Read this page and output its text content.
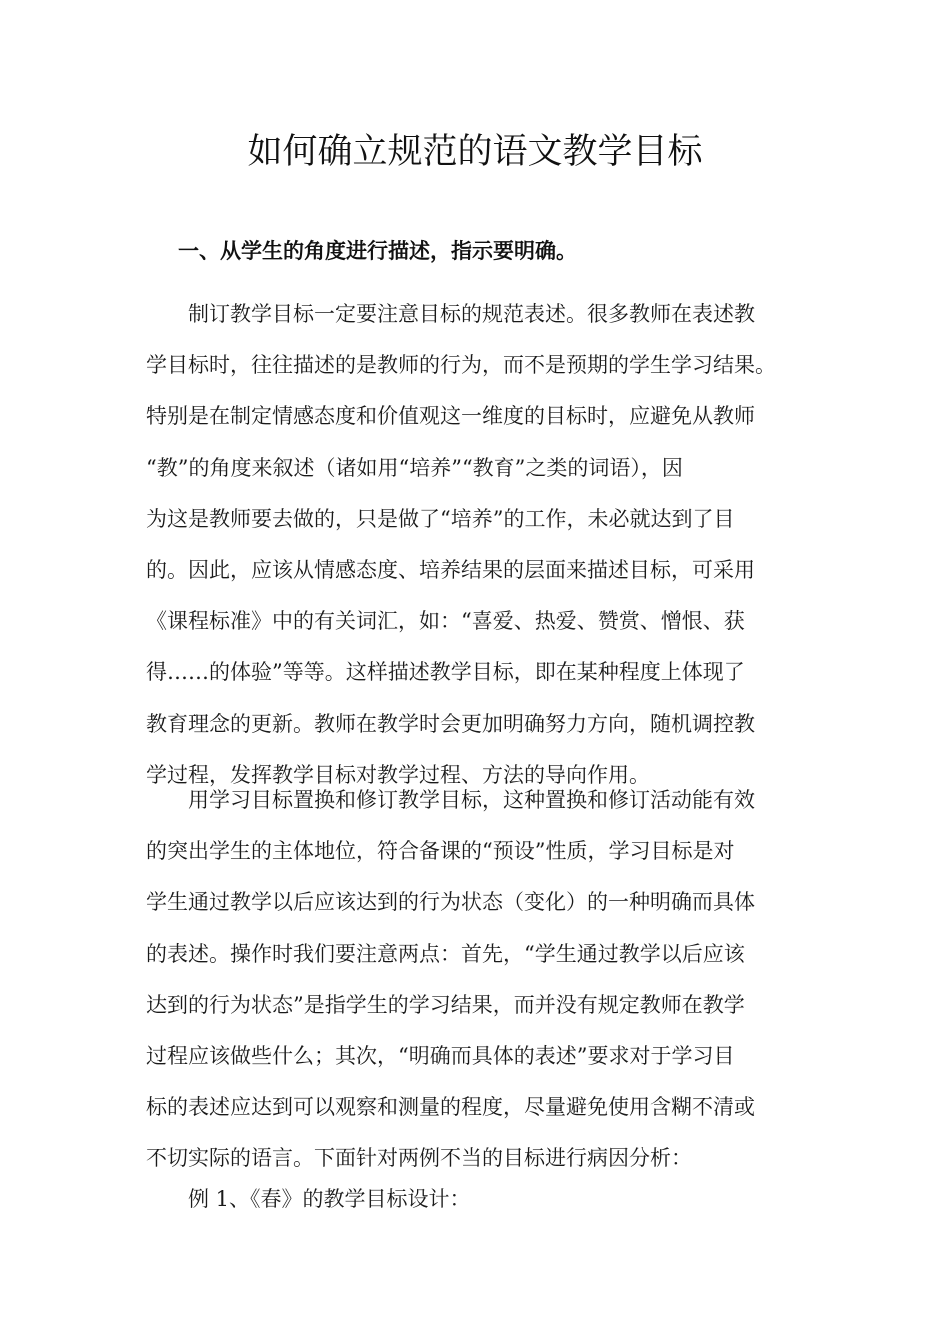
如何确立规范的语文教学目标
一、从学生的角度进行描述，指示要明确。
　　制订教学目标一定要注意目标的规范表述。很多教师在表述教
学目标时，往往描述的是教师的行为，而不是预期的学生学习结果。
特别是在制定情感态度和价值观这一维度的目标时，应避免从教师
“教”的角度来叙述（诸如用“培养”“教育”之类的词语），因
为这是教师要去做的，只是做了“培养”的工作，未必就达到了目
的。因此，应该从情感态度、培养结果的层面来描述目标，可采用
《课程标准》中的有关词汇，如：“喜爱、热爱、赞赏、憎恨、获
得……的体验”等等。这样描述教学目标，即在某种程度上体现了
教育理念的更新。教师在教学时会更加明确努力方向，随机调控教
学过程，发挥教学目标对教学过程、方法的导向作用。
　　用学习目标置换和修订教学目标，这种置换和修订活动能有效
的突出学生的主体地位，符合备课的“预设”性质，学习目标是对
学生通过教学以后应该达到的行为状态（变化）的一种明确而具体
的表述。操作时我们要注意两点：首先，“学生通过教学以后应该
达到的行为状态”是指学生的学习结果，而并没有规定教师在教学
过程应该做些什么；其次，“明确而具体的表述”要求对于学习目
标的表述应达到可以观察和测量的程度，尽量避免使用含糊不清或
不切实际的语言。下面针对两例不当的目标进行病因分析：
　　例 1、《春》的教学目标设计：
